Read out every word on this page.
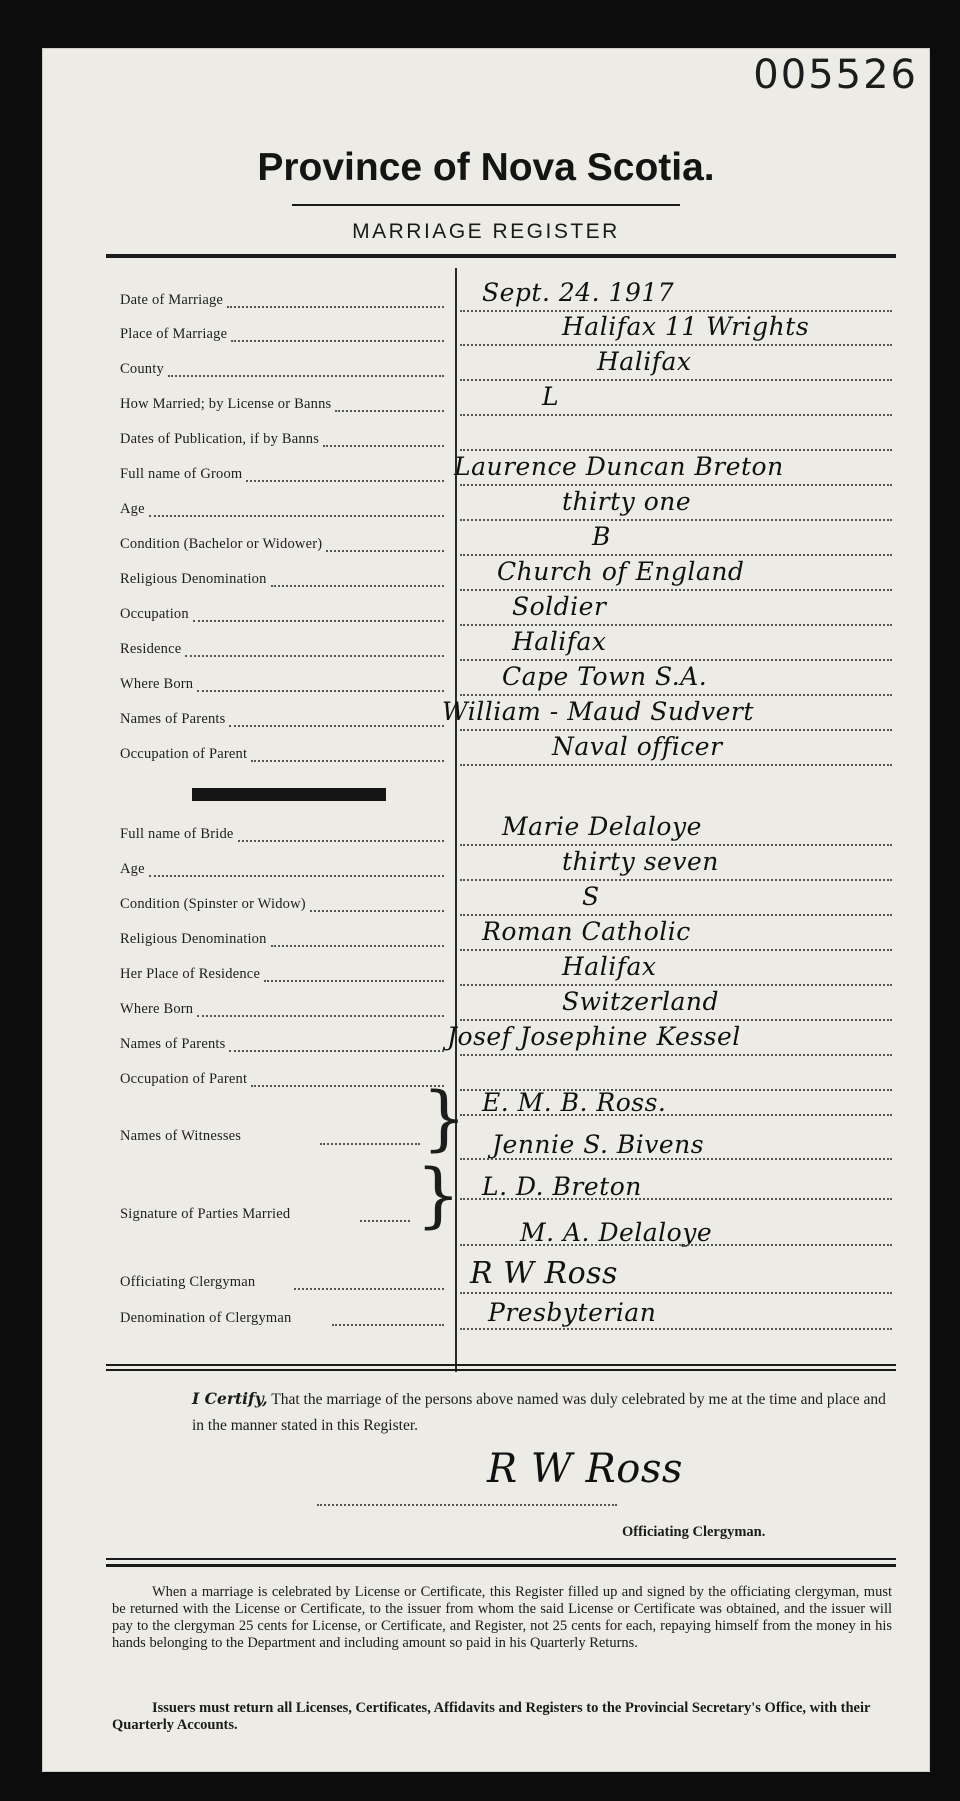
005526
Province of Nova Scotia.
MARRIAGE REGISTER
Date of Marriage	Sept. 24. 1917
Place of Marriage	Halifax 11 Wrights
County	Halifax
How Married; by License or Banns	L
Dates of Publication, if by Banns
Full name of Groom	Laurence Duncan Breton
Age	thirty one
Condition (Bachelor or Widower)	B
Religious Denomination	Church of England
Occupation	Soldier
Residence	Halifax
Where Born	Cape Town S.A.
Names of Parents	William - Maud Sudvert
Occupation of Parent	Naval officer
Full name of Bride	Marie Delaloye
Age	thirty seven
Condition (Spinster or Widow)	S
Religious Denomination	Roman Catholic
Her Place of Residence	Halifax
Where Born	Switzerland
Names of Parents	Josef Josephine Kessel
Occupation of Parent
Names of Witnesses	} E. M. B. Ross.
Jennie S. Bivens
Signature of Parties Married } L. D. Breton
M. A. Delaloye
Officiating Clergyman	R W Ross
Denomination of Clergyman	Presbyterian
I Certify, That the marriage of the persons above named was duly celebrated by me at the time and place and in the manner stated in this Register.
R W Ross
Officiating Clergyman.
When a marriage is celebrated by License or Certificate, this Register filled up and signed by the officiating clergyman, must be returned with the License or Certificate, to the issuer from whom the said License or Certificate was obtained, and the issuer will pay to the clergyman 25 cents for License, or Certificate, and Register, not 25 cents for each, repaying himself from the money in his hands belonging to the Department and including amount so paid in his Quarterly Returns.
Issuers must return all Licenses, Certificates, Affidavits and Registers to the Provincial Secretary's Office, with their Quarterly Accounts.
